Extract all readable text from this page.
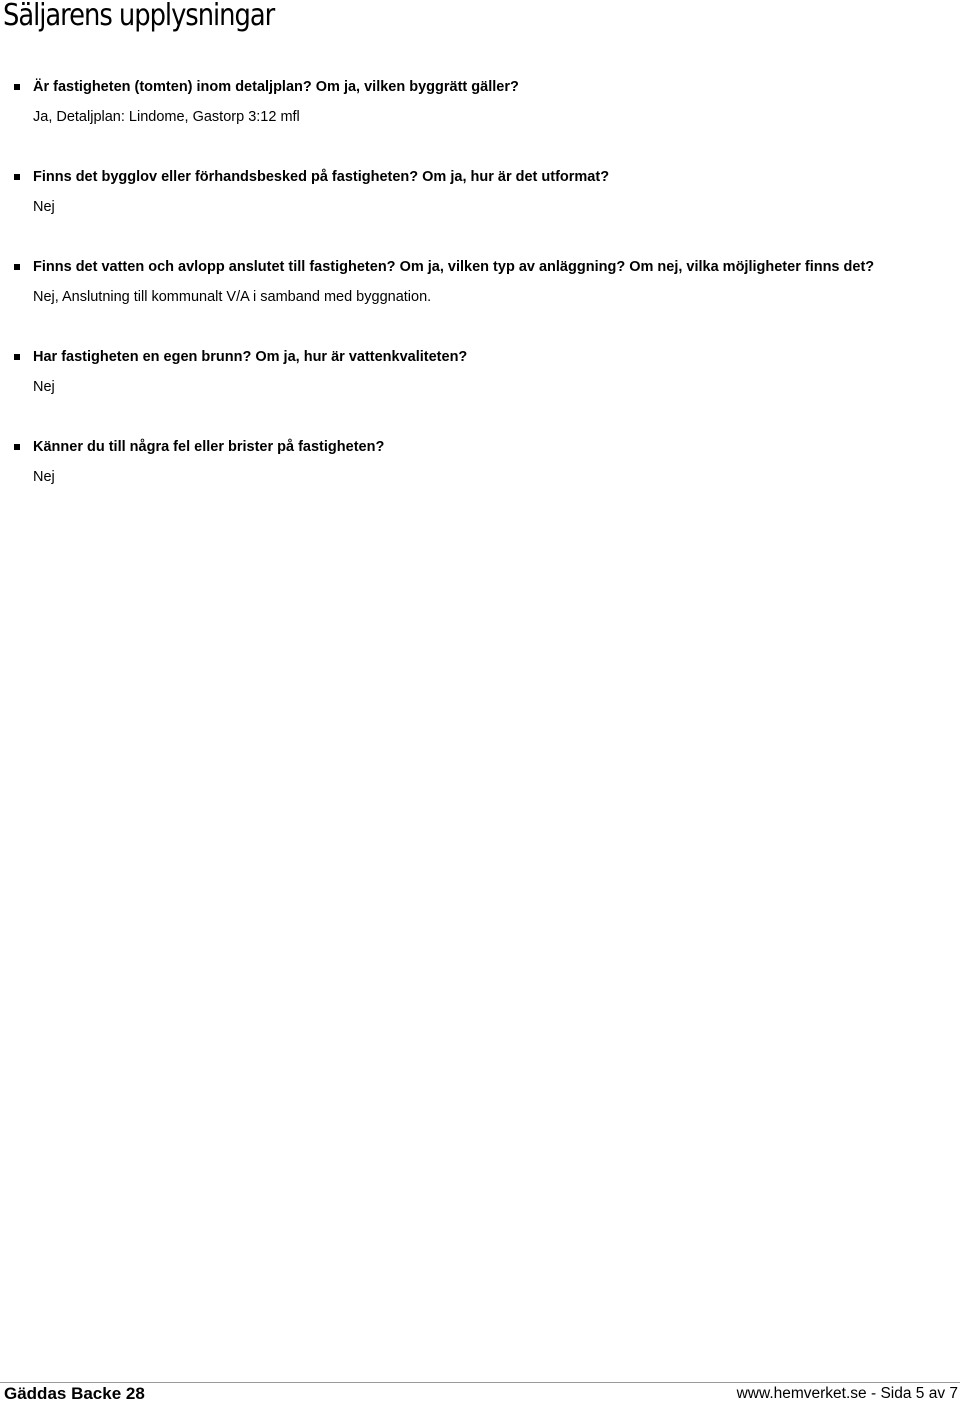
Säljarens upplysningar
Är fastigheten (tomten) inom detaljplan? Om ja, vilken byggrätt gäller?
Ja, Detaljplan: Lindome, Gastorp 3:12 mfl
Finns det bygglov eller förhandsbesked på fastigheten? Om ja, hur är det utformat?
Nej
Finns det vatten och avlopp anslutet till fastigheten? Om ja, vilken typ av anläggning? Om nej, vilka möjligheter finns det?
Nej, Anslutning till kommunalt V/A i samband med byggnation.
Har fastigheten en egen brunn? Om ja, hur är vattenkvaliteten?
Nej
Känner du till några fel eller brister på fastigheten?
Nej
Gäddas Backe 28	www.hemverket.se - Sida 5 av 7
